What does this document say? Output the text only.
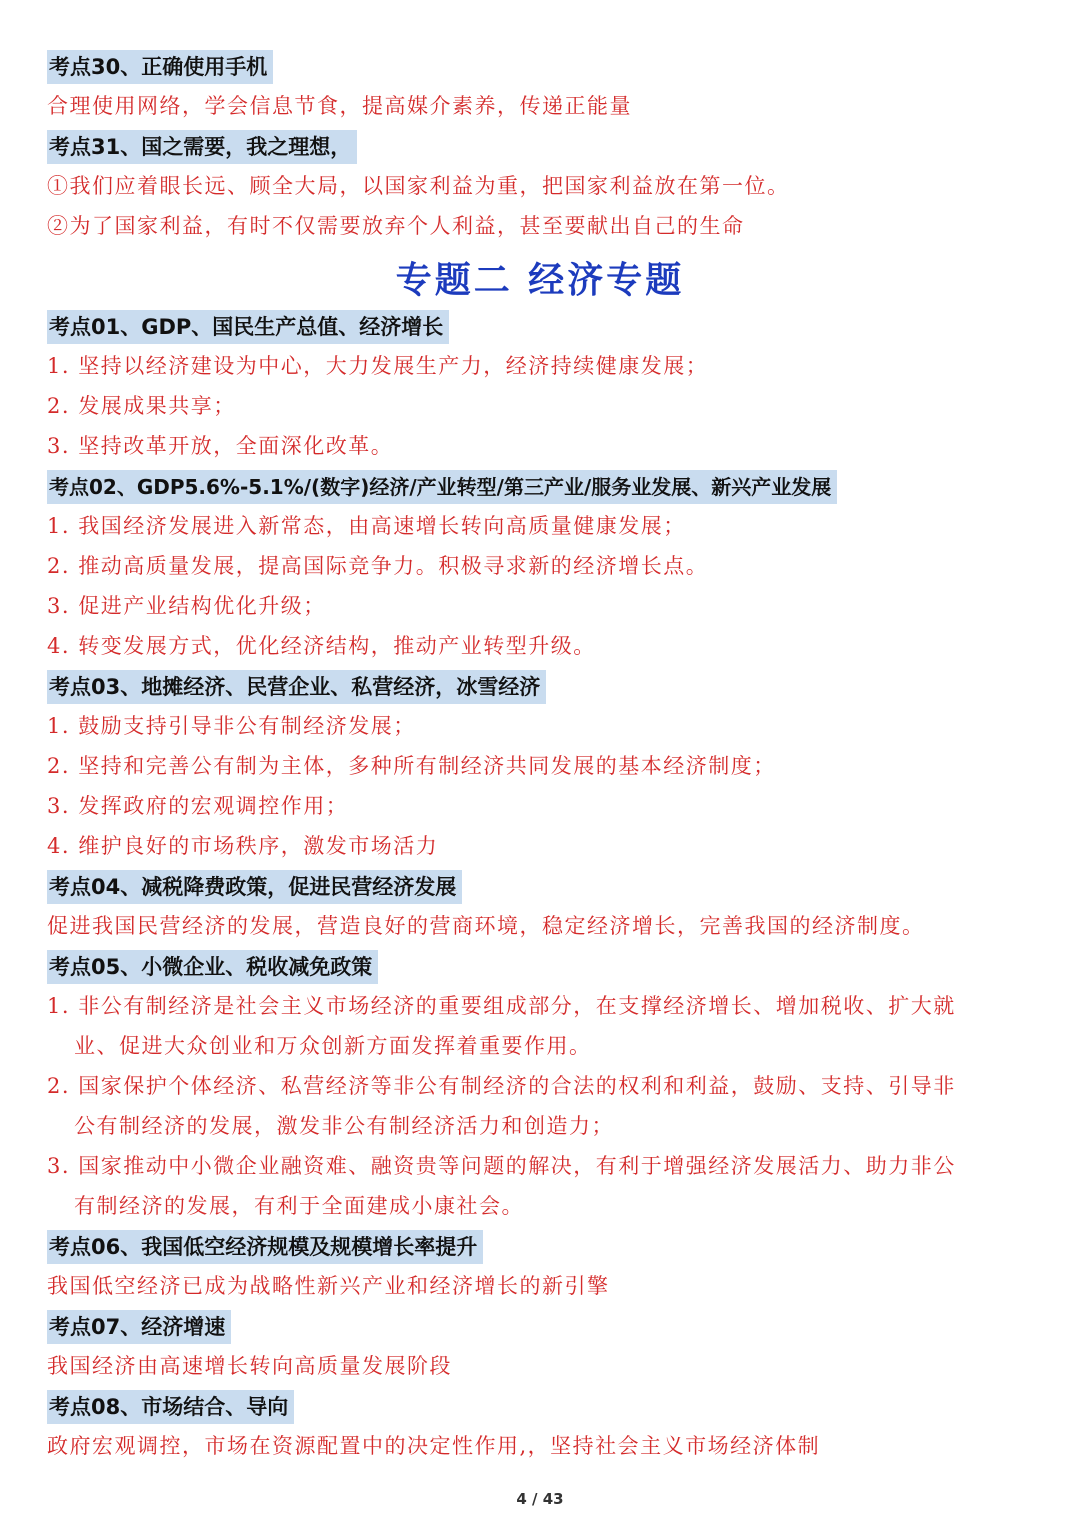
考点30、正确使用手机
合理使用网络，学会信息节食，提高媒介素养，传递正能量
考点31、国之需要，我之理想，
①我们应着眼长远、顾全大局，以国家利益为重，把国家利益放在第一位。
②为了国家利益，有时不仅需要放弃个人利益，甚至要献出自己的生命
专题二 经济专题
考点01、GDP、国民生产总值、经济增长
1. 坚持以经济建设为中心，大力发展生产力，经济持续健康发展；
2. 发展成果共享；
3. 坚持改革开放，全面深化改革。
考点02、GDP5.6%-5.1%/(数字)经济/产业转型/第三产业/服务业发展、新兴产业发展
1. 我国经济发展进入新常态，由高速增长转向高质量健康发展；
2. 推动高质量发展，提高国际竞争力。积极寻求新的经济增长点。
3. 促进产业结构优化升级；
4. 转变发展方式，优化经济结构，推动产业转型升级。
考点03、地摊经济、民营企业、私营经济，冰雪经济
1. 鼓励支持引导非公有制经济发展；
2. 坚持和完善公有制为主体，多种所有制经济共同发展的基本经济制度；
3. 发挥政府的宏观调控作用；
4. 维护良好的市场秩序，激发市场活力
考点04、减税降费政策，促进民营经济发展
促进我国民营经济的发展，营造良好的营商环境，稳定经济增长，完善我国的经济制度。
考点05、小微企业、税收减免政策
1. 非公有制经济是社会主义市场经济的重要组成部分，在支撑经济增长、增加税收、扩大就
业、促进大众创业和万众创新方面发挥着重要作用。
2. 国家保护个体经济、私营经济等非公有制经济的合法的权利和利益，鼓励、支持、引导非
公有制经济的发展，激发非公有制经济活力和创造力；
3. 国家推动中小微企业融资难、融资贵等问题的解决，有利于增强经济发展活力、助力非公
有制经济的发展，有利于全面建成小康社会。
考点06、我国低空经济规模及规模增长率提升
我国低空经济已成为战略性新兴产业和经济增长的新引擎
考点07、经济增速
我国经济由高速增长转向高质量发展阶段
考点08、市场结合、导向
政府宏观调控，市场在资源配置中的决定性作用,，坚持社会主义市场经济体制
4 / 43
